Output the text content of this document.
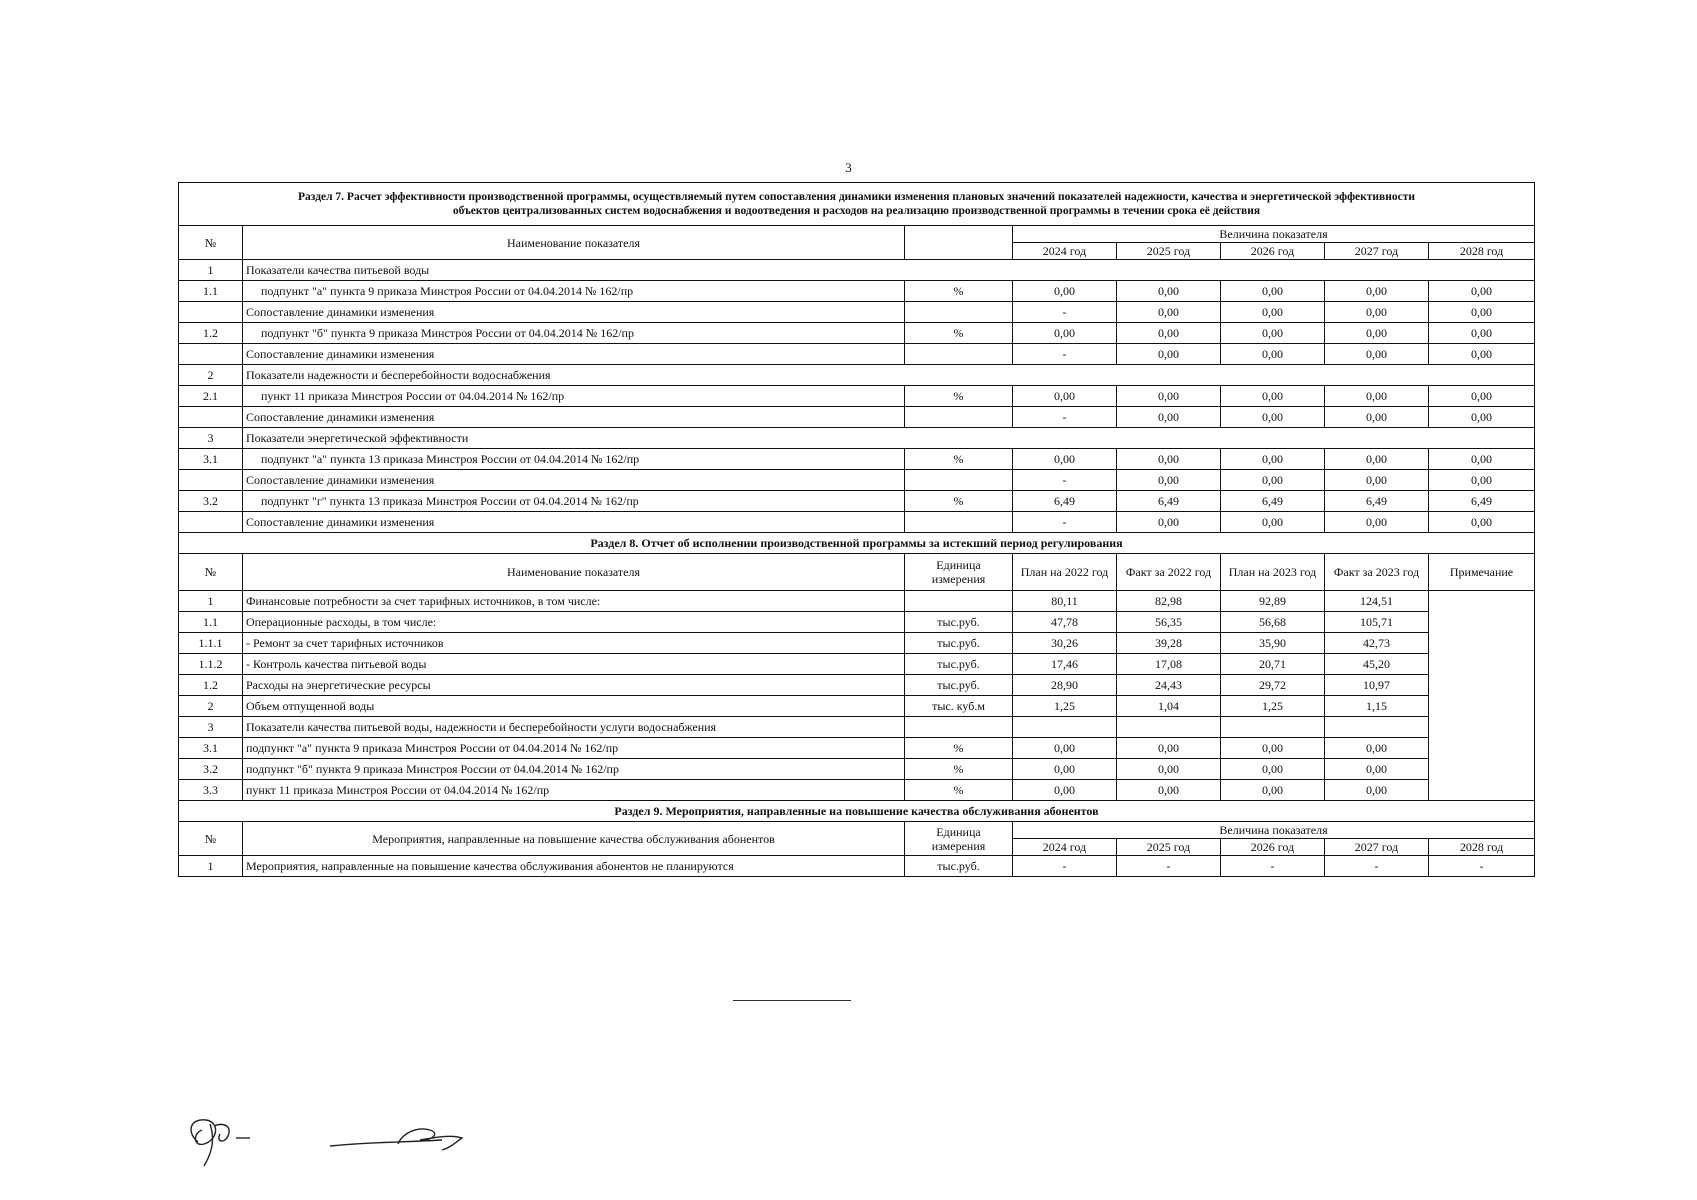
3
Раздел 7. Расчет эффективности производственной программы, осуществляемый путем сопоставления динамики изменения плановых значений показателей надежности, качества и энергетической эффективности
объектов централизованных систем водоснабжения и водоотведения и расходов на реализацию производственной программы в течении срока её действия							

№	Наименование показателя		Величина показателя				
			2024 год	2025 год	2026 год	2027 год	2028 год
1	Показатели качества питьевой воды						
1.1	подпункт "а" пункта 9 приказа Минстроя России от 04.04.2014 № 162/пр	%	0,00	0,00	0,00	0,00	0,00
	Сопоставление динамики изменения		-	0,00	0,00	0,00	0,00
1.2	подпункт "б" пункта 9 приказа Минстроя России от 04.04.2014 № 162/пр	%	0,00	0,00	0,00	0,00	0,00
	Сопоставление динамики изменения		-	0,00	0,00	0,00	0,00
2	Показатели надежности и бесперебойности водоснабжения						
2.1	пункт 11 приказа Минстроя России от 04.04.2014 № 162/пр	%	0,00	0,00	0,00	0,00	0,00
	Сопоставление динамики изменения		-	0,00	0,00	0,00	0,00
3	Показатели энергетической эффективности						
3.1	подпункт "а" пункта 13 приказа Минстроя России от 04.04.2014 № 162/пр	%	0,00	0,00	0,00	0,00	0,00
	Сопоставление динамики изменения		-	0,00	0,00	0,00	0,00
3.2	подпункт "г" пункта 13 приказа Минстроя России от 04.04.2014 № 162/пр	%	6,49	6,49	6,49	6,49	6,49
	Сопоставление динамики изменения		-	0,00	0,00	0,00	0,00
Раздел 8. Отчет об исполнении производственной программы за истекший период регулирования							
№	Наименование показателя	Единица измерения	План на 2022 год	Факт за 2022 год	План на 2023 год	Факт за 2023 год	Примечание
1	Финансовые потребности за счет тарифных источников, в том числе:		80,11	82,98	92,89	124,51	
1.1	Операционные расходы, в том числе:	тыс.руб.	47,78	56,35	56,68	105,71	
1.1.1	- Ремонт за счет тарифных источников	тыс.руб.	30,26	39,28	35,90	42,73	
1.1.2	- Контроль качества питьевой воды	тыс.руб.	17,46	17,08	20,71	45,20	
1.2	Расходы на энергетические ресурсы	тыс.руб.	28,90	24,43	29,72	10,97	
2	Объем отпущенной воды	тыс. куб.м	1,25	1,04	1,25	1,15	
3	Показатели качества питьевой воды, надежности и бесперебойности услуги водоснабжения						
3.1	подпункт "а" пункта 9 приказа Минстроя России от 04.04.2014 № 162/пр	%	0,00	0,00	0,00	0,00	
3.2	подпункт "б" пункта 9 приказа Минстроя России от 04.04.2014 № 162/пр	%	0,00	0,00	0,00	0,00	
3.3	пункт 11 приказа Минстроя России от 04.04.2014 № 162/пр	%	0,00	0,00	0,00	0,00	
Раздел 9. Мероприятия, направленные на повышение качества обслуживания абонентов							
№	Мероприятия, направленные на повышение качества обслуживания абонентов	Единица измерения	Величина показателя				
			2024 год	2025 год	2026 год	2027 год	2028 год
1	Мероприятия, направленные на повышение качества обслуживания абонентов не планируются	тыс.руб.	-	-	-	-	-
